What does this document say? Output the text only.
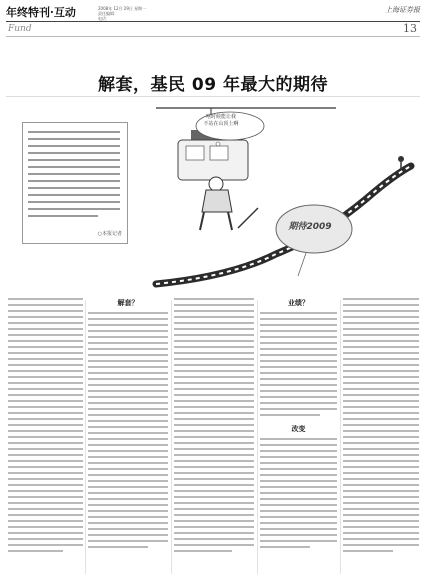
年终特刊·互动	2008年 12月 29日 星期一
责任编辑：
电话：
上海证券报
Fund	13
解套，基民 09 年最大的期待
啥时候能让我
不站在山顶上啊
期待2009
○本报记者
解套？	业绩？
改变
